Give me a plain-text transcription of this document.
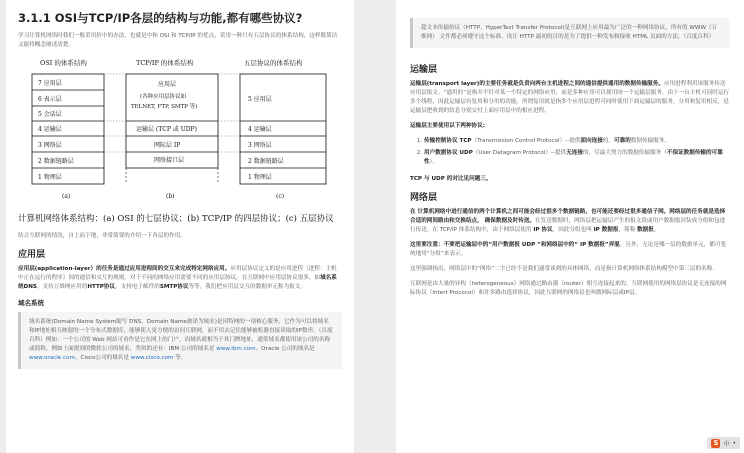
3.1.1 OSI与TCP/IP各层的结构与功能,都有哪些协议?
学习计算机网络时我们一般采用折中的办法，也就是中和 OSI 和 TCP/IP 的优点，采用一种只有五层协议的体系结构，这样既简洁又能将概念阐述清楚。
OSI 的体系结构	TCP/IP 的体系结构	五层协议的体系结构
7 应用层
6 表示层
5 会话层
4 运输层
3 网络层
2 数据链路层
1 物理层
应用层
(各种应用层协议如
TELNET, FTP, SMTP 等)
运输层 (TCP 或 UDP)
网际层 IP
网络接口层
5 应用层
4 运输层
3 网络层
2 数据链路层
1 物理层
(a)	(b)	(c)
计算机网络体系结构：(a) OSI 的七层协议；(b) TCP/IP 的四层协议；(c) 五层协议
结合互联网的情况，自上而下地，非常简要的介绍一下各层的作用。
应用层
应用层(application-layer）的任务是通过应用进程间的交互来完成特定网络应用。应用层协议定义的是应用进程（进程：主机中正在运行的程序）间的通信和交互的规则。对于不同的网络应用需要不同的应用层协议。在互联网中应用层协议很多，如域名系统DNS，支持万维网应用的HTTP协议，支持电子邮件的SMTP协议等等。我们把应用层交互的数据单元称为报文。
域名系统
域名系统(Domain Name System缩写 DNS，Domain Name被译为域名)是因特网的一项核心服务，它作为可以将域名和IP地址相互映射的一个分布式数据库，能够使人更方便的访问互联网，而不用去记住能够被机器直接读取的IP数串。（百度百科）例如：一个公司的 Web 网站可看作是它在网上的门户，而域名就相当于其门牌地址，通常域名都使用该公司的名称或简称。例如上面提到的微软公司的域名，类似的还有：IBM 公司的域名是 www.ibm.com、Oracle 公司的域名是 www.oracle.com、Cisco公司的域名是 www.cisco.com 等。
超文本传输协议（HTTP，HyperText Transfer Protocol)是互联网上应用最为广泛的一种网络协议。所有的 WWW（万维网） 文件都必须遵守这个标准。设计 HTTP 最初的目的是为了提供一种发布和接收 HTML 页面的方法。（百度百科）
运输层
运输层(transport layer)的主要任务就是负责向两台主机进程之间的通信提供通用的数据传输服务。应用进程利用该服务传送应用层报文。“通用的”是指并不针对某一个特定的网络应用，而是多种应用可以使用同一个运输层服务。由于一台主机可同时运行多个线程，因此运输层有复用和分用的功能。所谓复用就是指多个应用层进程可同时使用下面运输层的服务，分用和复用相反，是运输层把收到的信息分别交付上面应用层中的相应进程。
运输层主要使用以下两种协议:
1. 传输控制协议 TCP（Transmission Control Protocol）--提供面向连接的，可靠的数据传输服务。
2. 用户数据协议 UDP（User Datagram Protocol）--提供无连接的，尽最大努力的数据传输服务（不保证数据传输的可靠性）。
TCP 与 UDP 的对比见问题三。
网络层
在 计算机网络中进行通信的两个计算机之间可能会经过很多个数据链路，也可能还要经过很多通信子网。网络层的任务就是选择合适的网间路由和交换结点， 确保数据及时传送。在发送数据时，网络层把运输层产生的报文段或用户数据报封装成分组和包进行传送。在 TCP/IP 体系结构中，由于网络层使用 IP 协议，因此分组也叫 IP 数据报，简称 数据报。
这里要注意：不要把运输层中的“用户数据报 UDP ”和网络层中的“ IP 数据报”弄混。另外，无论是哪一层的数据单元，都可笼统地用“分组”来表示。
这里强调指出，网络层中的“网络”二字已经不是我们通常谈到的具体网络，而是指计算机网络体系结构模型中第三层的名称.
互联网是由大量的异构（heterogeneous）网络通过路由器（router）相互连接起来的。互联网使用的网络层协议是无连接的网际协议（Intert Prococol）和许多路由选择协议，因此互联网的网络层也叫做网际层或IP层。
S 中 •
